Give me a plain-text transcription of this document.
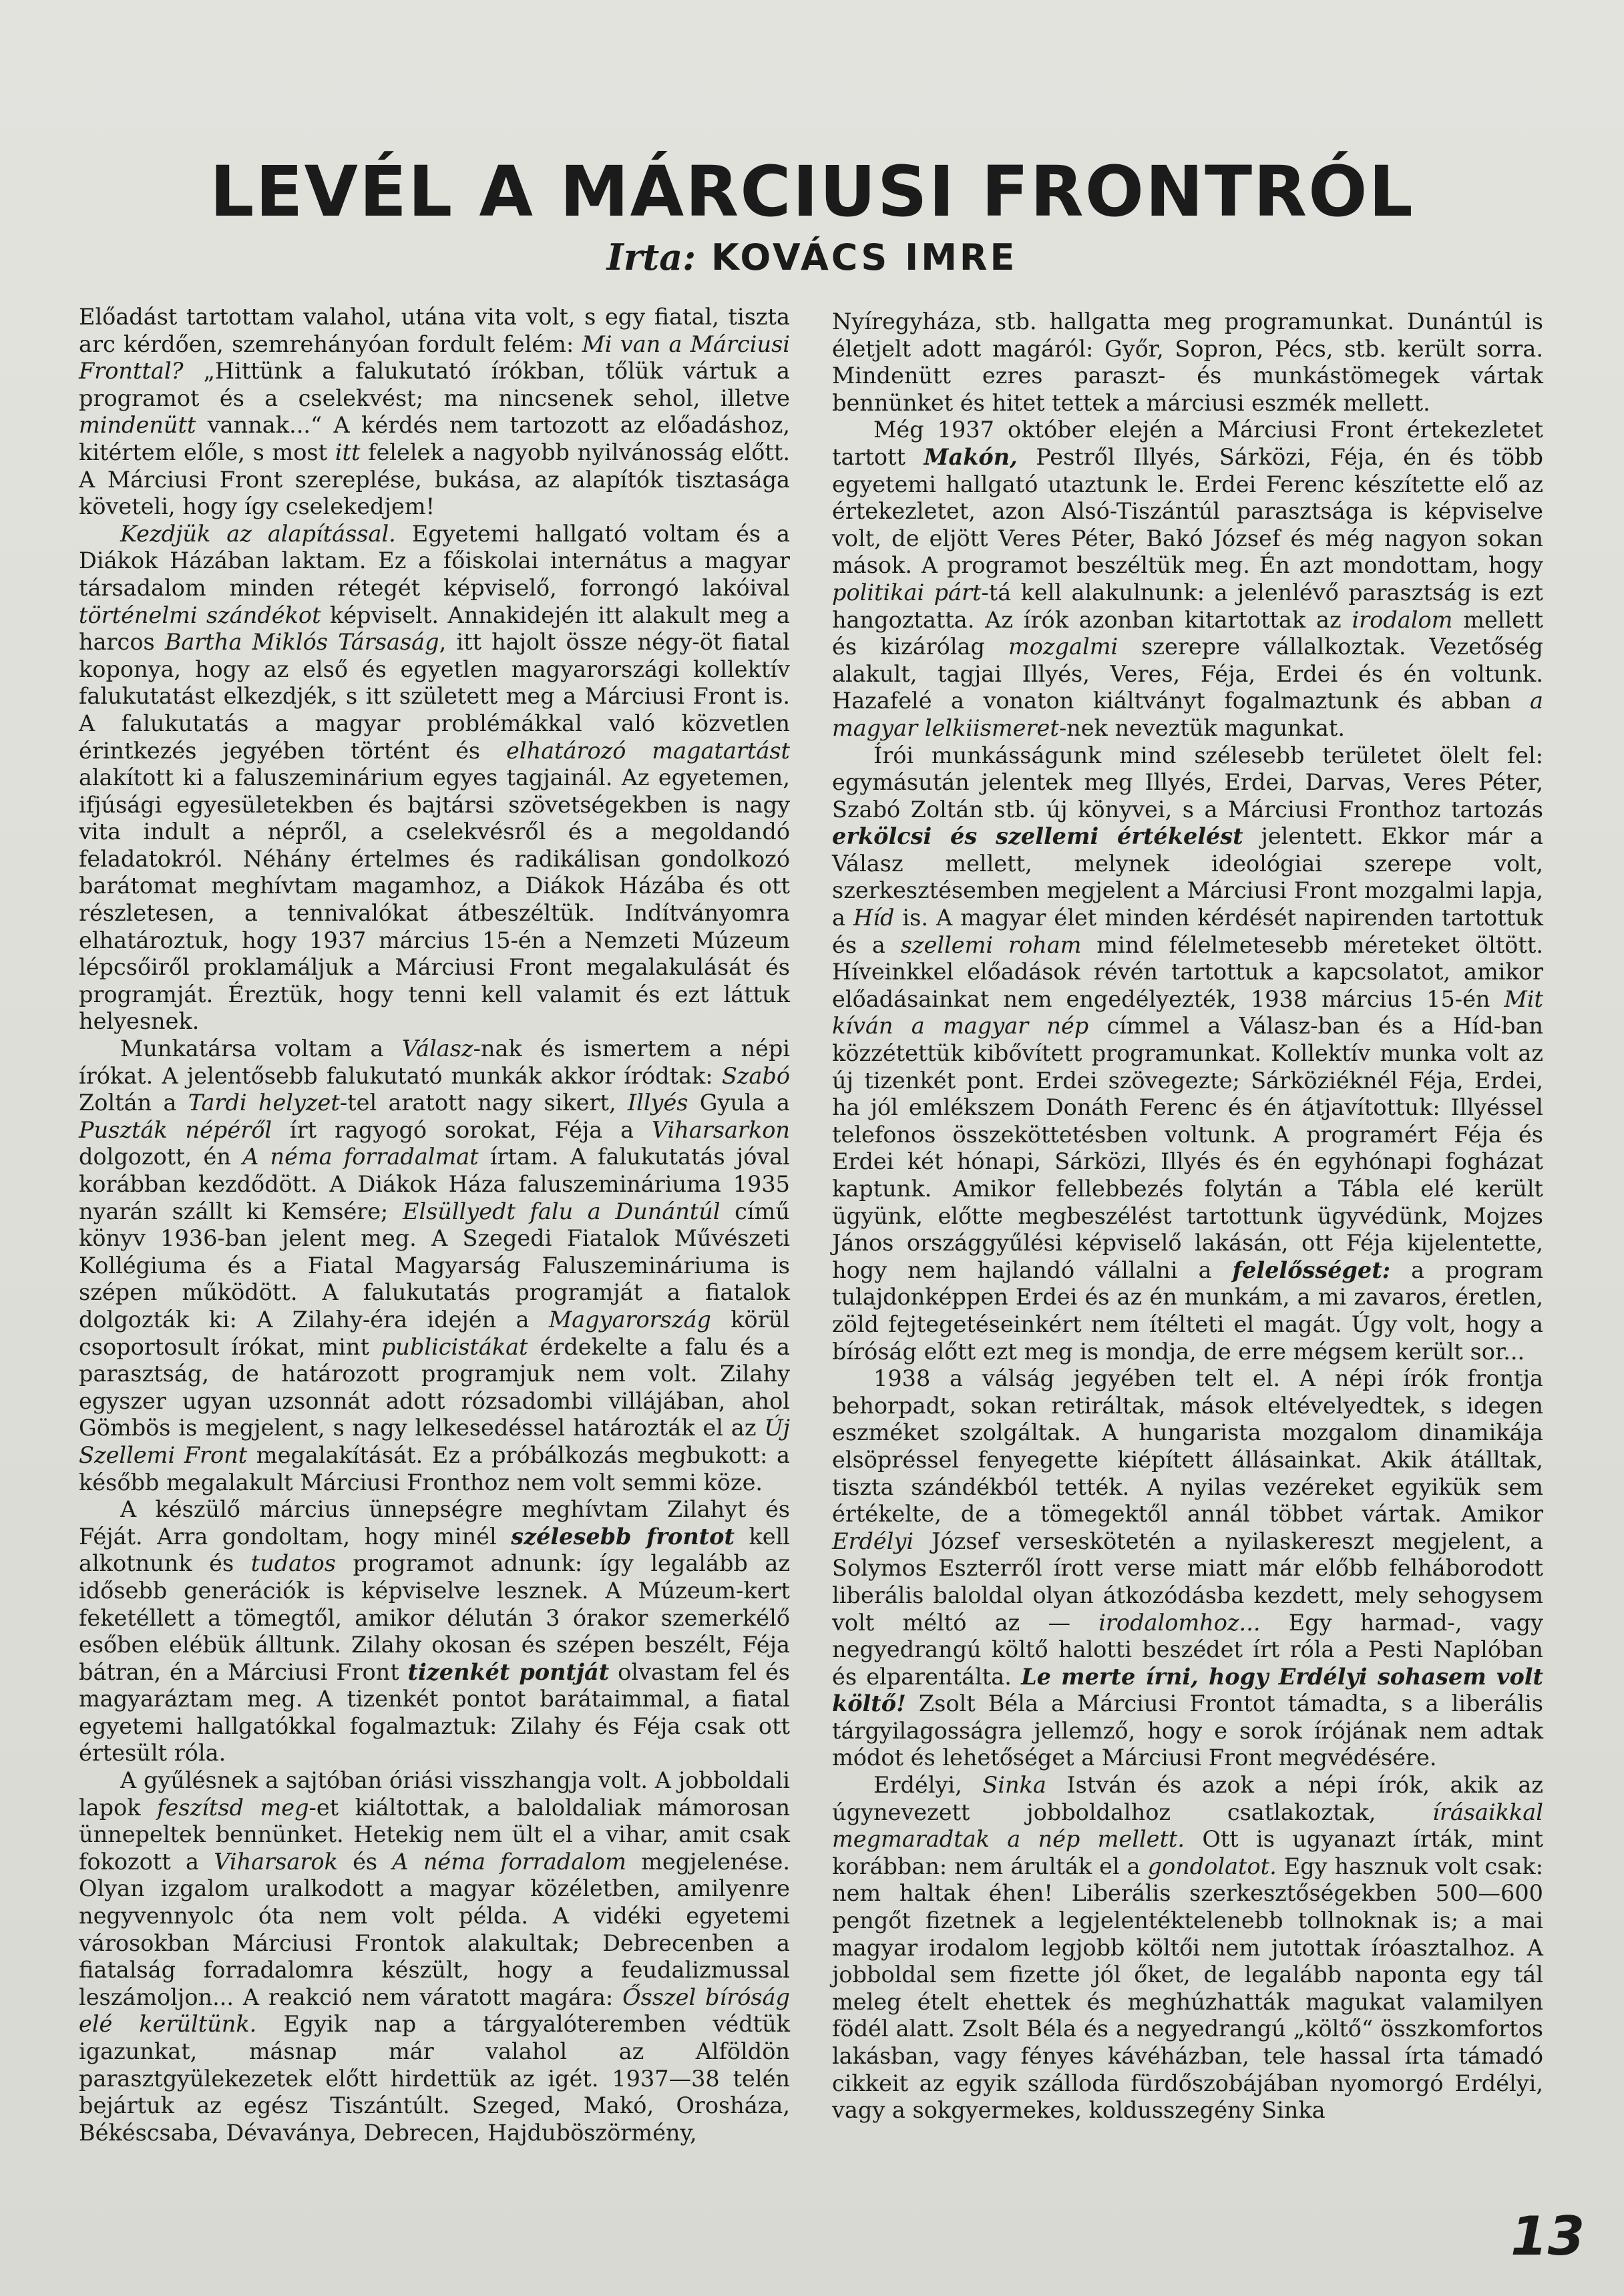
LEVÉL A MÁRCIUSI FRONTRÓL
Irta: KOVÁCS IMRE

Előadást tartottam valahol, utána vita volt, s egy fiatal, tiszta arc kérdően, szemrehányóan fordult felém: Mi van a Márciusi Fronttal? „Hittünk a falukutató írókban, tőlük vártuk a programot és a cselekvést; ma nincsenek sehol, illetve mindenütt vannak...“ A kérdés nem tartozott az előadáshoz, kitértem előle, s most itt felelek a nagyobb nyilvánosság előtt. A Márciusi Front szereplése, bukása, az alapítók tisztasága követeli, hogy így cselekedjem!

Kezdjük az alapítással. Egyetemi hallgató voltam és a Diákok Házában laktam. Ez a főiskolai internátus a magyar társadalom minden rétegét képviselő, forrongó lakóival történelmi szándékot képviselt. Annakidején itt alakult meg a harcos Bartha Miklós Társaság, itt hajolt össze négy-öt fiatal koponya, hogy az első és egyetlen magyarországi kollektív falukutatást elkezdjék, s itt született meg a Márciusi Front is. A falukutatás a magyar problémákkal való közvetlen érintkezés jegyében történt és elhatározó magatartást alakított ki a faluszeminárium egyes tagjainál. Az egyetemen, ifjúsági egyesületekben és bajtársi szövetségekben is nagy vita indult a népről, a cselekvésről és a megoldandó feladatokról. Néhány értelmes és radikálisan gondolkozó barátomat meghívtam magamhoz, a Diákok Házába és ott részletesen, a tennivalókat átbeszéltük. Indítványomra elhatároztuk, hogy 1937 március 15-én a Nemzeti Múzeum lépcsőiről proklamáljuk a Márciusi Front megalakulását és programját. Éreztük, hogy tenni kell valamit és ezt láttuk helyesnek.

Munkatársa voltam a Válasz-nak és ismertem a népi írókat. A jelentősebb falukutató munkák akkor íródtak: Szabó Zoltán a Tardi helyzet-tel aratott nagy sikert, Illyés Gyula a Puszták népéről írt ragyogó sorokat, Féja a Viharsarkon dolgozott, én A néma forradalmat írtam. A falukutatás jóval korábban kezdődött. A Diákok Háza faluszemináriuma 1935 nyarán szállt ki Kemsére; Elsüllyedt falu a Dunántúl című könyv 1936-ban jelent meg. A Szegedi Fiatalok Művészeti Kollégiuma és a Fiatal Magyarság Faluszemináriuma is szépen működött. A falukutatás programját a fiatalok dolgozták ki: A Zilahy-éra idején a Magyarország körül csoportosult írókat, mint publicistákat érdekelte a falu és a parasztság, de határozott programjuk nem volt. Zilahy egyszer ugyan uzsonnát adott rózsadombi villájában, ahol Gömbös is megjelent, s nagy lelkesedéssel határozták el az Új Szellemi Front megalakítását. Ez a próbálkozás megbukott: a később megalakult Márciusi Fronthoz nem volt semmi köze.

A készülő március ünnepségre meghívtam Zilahyt és Féját. Arra gondoltam, hogy minél szélesebb frontot kell alkotnunk és tudatos programot adnunk: így legalább az idősebb generációk is képviselve lesznek. A Múzeum-kert feketéllett a tömegtől, amikor délután 3 órakor szemerkélő esőben elébük álltunk. Zilahy okosan és szépen beszélt, Féja bátran, én a Márciusi Front tizenkét pontját olvastam fel és magyaráztam meg. A tizenkét pontot barátaimmal, a fiatal egyetemi hallgatókkal fogalmaztuk: Zilahy és Féja csak ott értesült róla.

A gyűlésnek a sajtóban óriási visszhangja volt. A jobboldali lapok feszítsd meg-et kiáltottak, a baloldaliak mámorosan ünnepeltek bennünket. Hetekig nem ült el a vihar, amit csak fokozott a Viharsarok és A néma forradalom megjelenése. Olyan izgalom uralkodott a magyar közéletben, amilyenre negyvennyolc óta nem volt példa. A vidéki egyetemi városokban Márciusi Frontok alakultak; Debrecenben a fiatalság forradalomra készült, hogy a feudalizmussal leszámoljon... A reakció nem váratott magára: Ősszel bíróság elé kerültünk. Egyik nap a tárgyalóteremben védtük igazunkat, másnap már valahol az Alföldön parasztgyülekezetek előtt hirdettük az igét. 1937—38 telén bejártuk az egész Tiszántúlt. Szeged, Makó, Orosháza, Békéscsaba, Dévaványa, Debrecen, Hajduböszörmény,

Nyíregyháza, stb. hallgatta meg programunkat. Dunántúl is életjelt adott magáról: Győr, Sopron, Pécs, stb. került sorra. Mindenütt ezres paraszt- és munkástömegek vártak bennünket és hitet tettek a márciusi eszmék mellett.

Még 1937 október elején a Márciusi Front értekezletet tartott Makón, Pestről Illyés, Sárközi, Féja, én és több egyetemi hallgató utaztunk le. Erdei Ferenc készítette elő az értekezletet, azon Alsó-Tiszántúl parasztsága is képviselve volt, de eljött Veres Péter, Bakó József és még nagyon sokan mások. A programot beszéltük meg. Én azt mondottam, hogy politikai párt-tá kell alakulnunk: a jelenlévő parasztság is ezt hangoztatta. Az írók azonban kitartottak az irodalom mellett és kizárólag mozgalmi szerepre vállalkoztak. Vezetőség alakult, tagjai Illyés, Veres, Féja, Erdei és én voltunk. Hazafelé a vonaton kiáltványt fogalmaztunk és abban a magyar lelkiismeret-nek neveztük magunkat.

Írói munkásságunk mind szélesebb területet ölelt fel: egymásután jelentek meg Illyés, Erdei, Darvas, Veres Péter, Szabó Zoltán stb. új könyvei, s a Márciusi Fronthoz tartozás erkölcsi és szellemi értékelést jelentett. Ekkor már a Válasz mellett, melynek ideológiai szerepe volt, szerkesztésemben megjelent a Márciusi Front mozgalmi lapja, a Híd is. A magyar élet minden kérdését napirenden tartottuk és a szellemi roham mind félelmetesebb méreteket öltött. Híveinkkel előadások révén tartottuk a kapcsolatot, amikor előadásainkat nem engedélyezték, 1938 március 15-én Mit kíván a magyar nép címmel a Válasz-ban és a Híd-ban közzétettük kibővített programunkat. Kollektív munka volt az új tizenkét pont. Erdei szövegezte; Sárköziéknél Féja, Erdei, ha jól emlékszem Donáth Ferenc és én átjavítottuk: Illyéssel telefonos összeköttetésben voltunk. A programért Féja és Erdei két hónapi, Sárközi, Illyés és én egyhónapi fogházat kaptunk. Amikor fellebbezés folytán a Tábla elé került ügyünk, előtte megbeszélést tartottunk ügyvédünk, Mojzes János országgyűlési képviselő lakásán, ott Féja kijelentette, hogy nem hajlandó vállalni a felelősséget: a program tulajdonképpen Erdei és az én munkám, a mi zavaros, éretlen, zöld fejtegetéseinkért nem ítélteti el magát. Úgy volt, hogy a bíróság előtt ezt meg is mondja, de erre mégsem került sor...

1938 a válság jegyében telt el. A népi írók frontja behorpadt, sokan retiráltak, mások eltévelyedtek, s idegen eszméket szolgáltak. A hungarista mozgalom dinamikája elsöpréssel fenyegette kiépített állásainkat. Akik átálltak, tiszta szándékból tették. A nyilas vezéreket egyikük sem értékelte, de a tömegektől annál többet vártak. Amikor Erdélyi József verseskötetén a nyilaskereszt megjelent, a Solymos Eszterről írott verse miatt már előbb felháborodott liberális baloldal olyan átkozódásba kezdett, mely sehogysem volt méltó az — irodalomhoz... Egy harmad-, vagy negyedrangú költő halotti beszédet írt róla a Pesti Naplóban és elparentálta. Le merte írni, hogy Erdélyi sohasem volt költő! Zsolt Béla a Márciusi Frontot támadta, s a liberális tárgyilagosságra jellemző, hogy e sorok írójának nem adtak módot és lehetőséget a Márciusi Front megvédésére.

Erdélyi, Sinka István és azok a népi írók, akik az úgynevezett jobboldalhoz csatlakoztak, írásaikkal megmaradtak a nép mellett. Ott is ugyanazt írták, mint korábban: nem árulták el a gondolatot. Egy hasznuk volt csak: nem haltak éhen! Liberális szerkesztőségekben 500—600 pengőt fizetnek a legjelentéktelenebb tollnoknak is; a mai magyar irodalom legjobb költői nem jutottak íróasztalhoz. A jobboldal sem fizette jól őket, de legalább naponta egy tál meleg ételt ehettek és meghúzhatták magukat valamilyen födél alatt. Zsolt Béla és a negyedrangú „költő“ összkomfortos lakásban, vagy fényes kávéházban, tele hassal írta támadó cikkeit az egyik szálloda fürdőszobájában nyomorgó Erdélyi, vagy a sokgyermekes, koldusszegény Sinka

13
